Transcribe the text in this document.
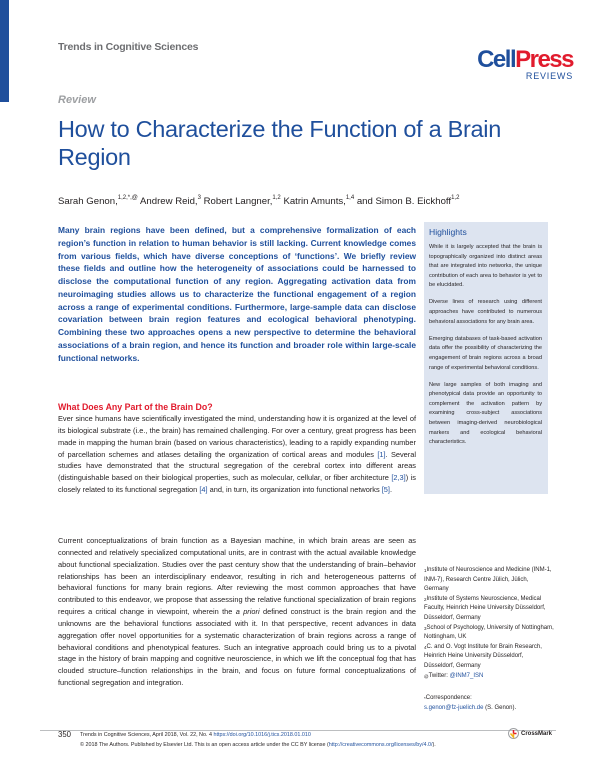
Trends in Cognitive Sciences	CellPress
REVIEWS
Review
How to Characterize the Function of a Brain Region
Sarah Genon,$^{1,2,*,@}$ Andrew Reid,$^3$ Robert Langner,$^{1,2}$ Katrin Amunts,$^{1,4}$ and Simon B. Eickhoff$^{1,2}$

Many brain regions have been defined, but a comprehensive formalization of each region’s function in relation to human behavior is still lacking. Current knowledge comes from various fields, which have diverse conceptions of ‘functions’. We briefly review these fields and outline how the heterogeneity of associations could be harnessed to disclose the computational function of any region. Aggregating activation data from neuroimaging studies allows us to characterize the functional engagement of a region across a range of experimental conditions. Furthermore, large-sample data can disclose covariation between brain region features and ecological behavioral phenotyping. Combining these two approaches opens a new perspective to determine the behavioral associations of a brain region, and hence its function and broader role within large-scale functional networks.

Highlights

While it is largely accepted that the brain is topographically organized into distinct areas that are integrated into networks, the unique contribution of each area to behavior is yet to be elucidated.

Diverse lines of research using different approaches have contributed to numerous behavioral associations for any brain area.

Emerging databases of task-based activation data offer the possibility of characterizing the engagement of brain regions across a broad range of experimental behavioral conditions.

New large samples of both imaging and phenotypical data provide an opportunity to complement the activation pattern by examining cross-subject associations between imaging-derived neurobiological markers and ecological behavioral characteristics.

What Does Any Part of the Brain Do?

Ever since humans have scientifically investigated the mind, understanding how it is organized at the level of its biological substrate (i.e., the brain) has remained challenging. For over a century, great progress has been made in mapping the human brain (based on various characteristics), leading to a rapidly expanding number of parcellation schemes and atlases detailing the organization of cortical areas and modules [1]. Several studies have demonstrated that the structural segregation of the cerebral cortex into different areas (distinguishable based on their biological properties, such as molecular, cellular, or fiber architecture [2,3]) is closely related to its functional segregation [4] and, in turn, its organization into functional networks [5].

Current conceptualizations of brain function as a Bayesian machine, in which brain areas are seen as connected and relatively specialized computational units, are in contrast with the actual available knowledge about functional specialization. Studies over the past century show that the understanding of brain–behavior relationships has been an interdisciplinary endeavor, resulting in rich and heterogeneous patterns of behavioral functions for many brain regions. After reviewing the most common approaches that have contributed to this endeavor, we propose that assessing the relative functional specialization of brain regions requires a critical change in viewpoint, wherein the a priori defined construct is the brain region and the unknowns are the behavioral functions associated with it. In that perspective, recent advances in data aggregation offer novel opportunities for a systematic characterization of brain regions across a range of behavioral conditions and phenotypical features. Such an integrative approach could bring us to a pivotal stage in the history of brain mapping and cognitive neuroscience, in which we lift the conceptual fog that has clouded structure–function relationships in the brain, and focus on future formal conceptualizations of functional segregation and integration.

$^1$Institute of Neuroscience and Medicine (INM-1, INM-7), Research Centre Jülich, Jülich, Germany
$^2$Institute of Systems Neuroscience, Medical Faculty, Heinrich Heine University Düsseldorf, Düsseldorf, Germany
$^3$School of Psychology, University of Nottingham, Nottingham, UK
$^4$C. and O. Vogt Institute for Brain Research, Heinrich Heine University Düsseldorf, Düsseldorf, Germany
@Twitter: @INM7_ISN
*Correspondence:
s.genon@fz-juelich.de (S. Genon).
350 Trends in Cognitive Sciences, April 2018, Vol. 22, No. 4 https://doi.org/10.1016/j.tics.2018.01.010
© 2018 The Authors. Published by Elsevier Ltd. This is an open access article under the CC BY license (http://creativecommons.org/licenses/by/4.0/).
CrossMark
